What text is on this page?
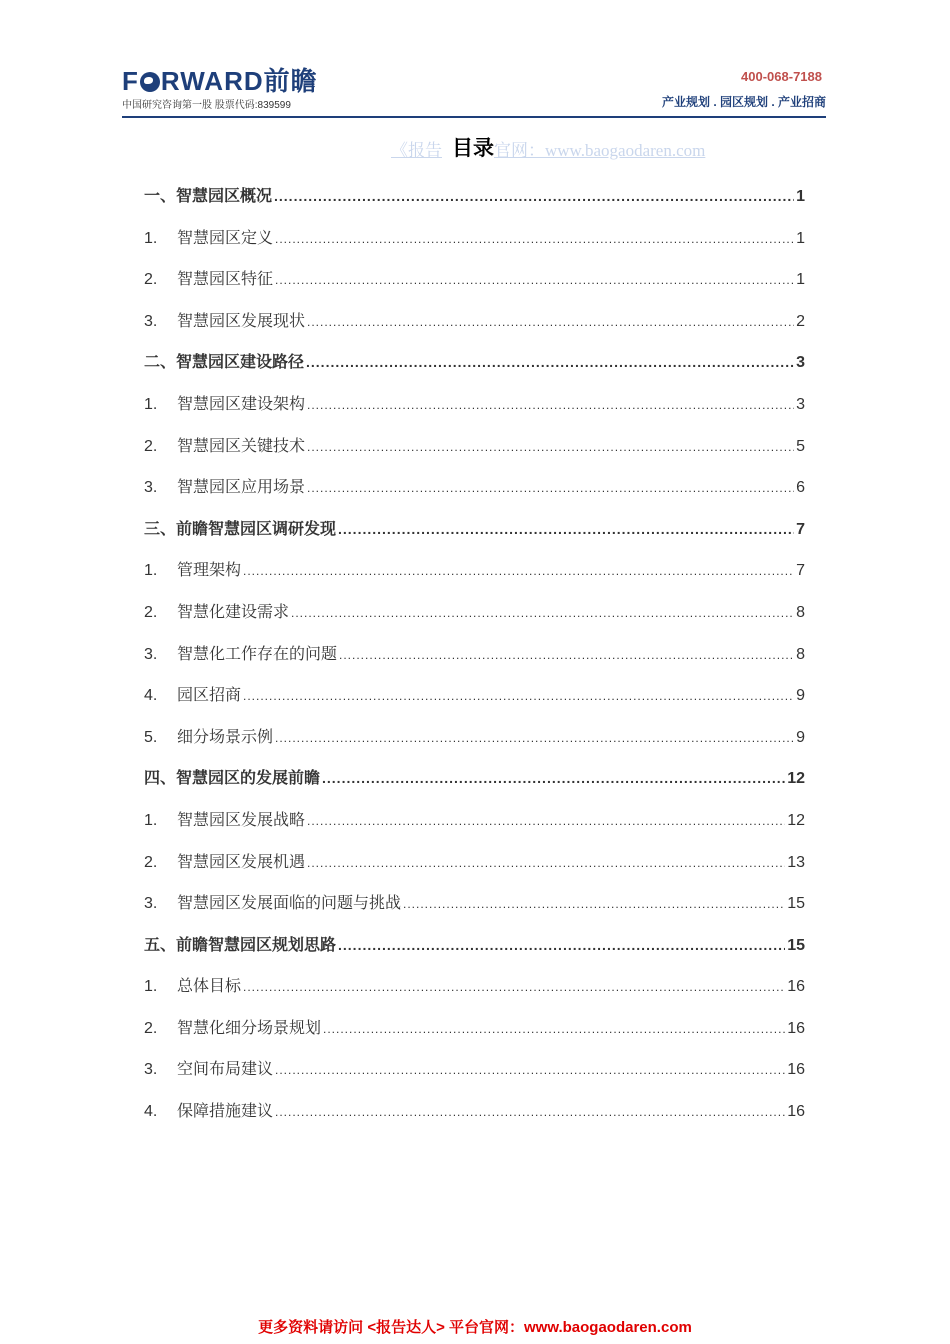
F RWARD前瞻
中国研究咨询第一股 股票代码:839599
400-068-7188
产业规划 . 园区规划 . 产业招商
《报告	官网：www.baogaodaren.com
目录
一、智慧园区概况 .....	1
1.	智慧园区定义 .....	1
2.	智慧园区特征 .....	1
3.	智慧园区发展现状 .....	2
二、智慧园区建设路径 .....	3
1.	智慧园区建设架构 .....	3
2.	智慧园区关键技术 .....	5
3.	智慧园区应用场景 .....	6
三、前瞻智慧园区调研发现 .....	7
1.	管理架构 .....	7
2.	智慧化建设需求 .....	8
3.	智慧化工作存在的问题 .....	8
4.	园区招商 .....	9
5.	细分场景示例 .....	9
四、智慧园区的发展前瞻 .....	12
1.	智慧园区发展战略 .....	12
2.	智慧园区发展机遇 .....	13
3.	智慧园区发展面临的问题与挑战 .....	15
五、前瞻智慧园区规划思路 .....	15
1.	总体目标 .....	16
2.	智慧化细分场景规划 .....	16
3.	空间布局建议 .....	16
4.	保障措施建议 .....	16
更多资料请访问 <报告达人> 平台官网：www.baogaodaren.com
